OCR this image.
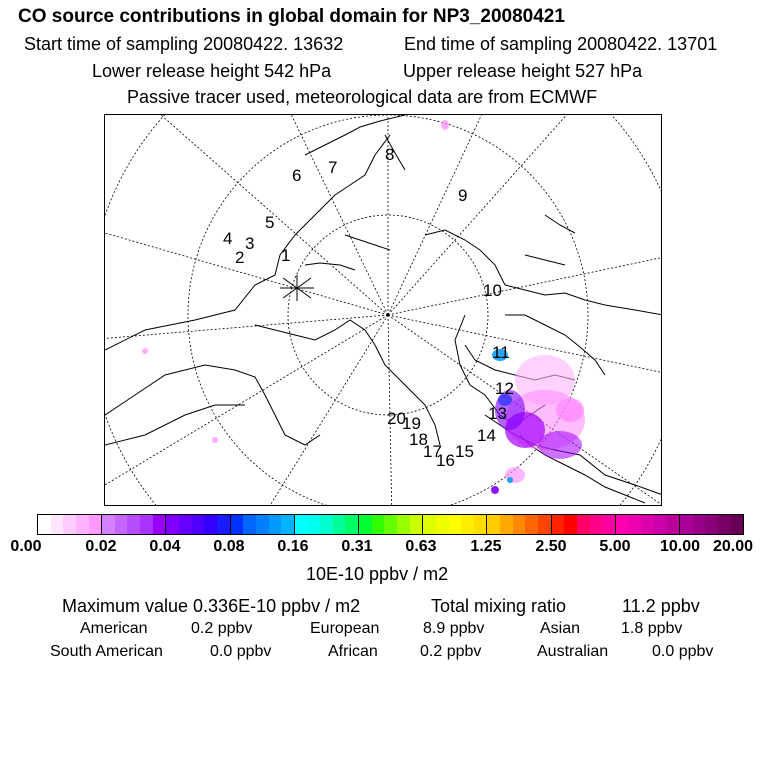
CO source contributions in global domain for NP3_20080421
Start time of sampling 20080422. 13632	End time of sampling 20080422. 13701
Lower release height 542 hPa	Upper release height 527 hPa
Passive tracer used, meteorological data are from ECMWF
1
2
3
4
5
6 7
8
9
10
11
12
13
14
15
16
17
18
19
20
0.00	0.02 0.04 0.08 0.16 0.31 0.63 1.25 2.50 5.00 10.00 20.00
10E-10 ppbv / m2
Maximum value 0.336E-10 ppbv / m2	Total mixing ratio	11.2 ppbv
American	0.2 ppbv	European	8.9 ppbv	Asian	1.8 ppbv
South American	0.0 ppbv	African	0.2 ppbv	Australian	0.0 ppbv
